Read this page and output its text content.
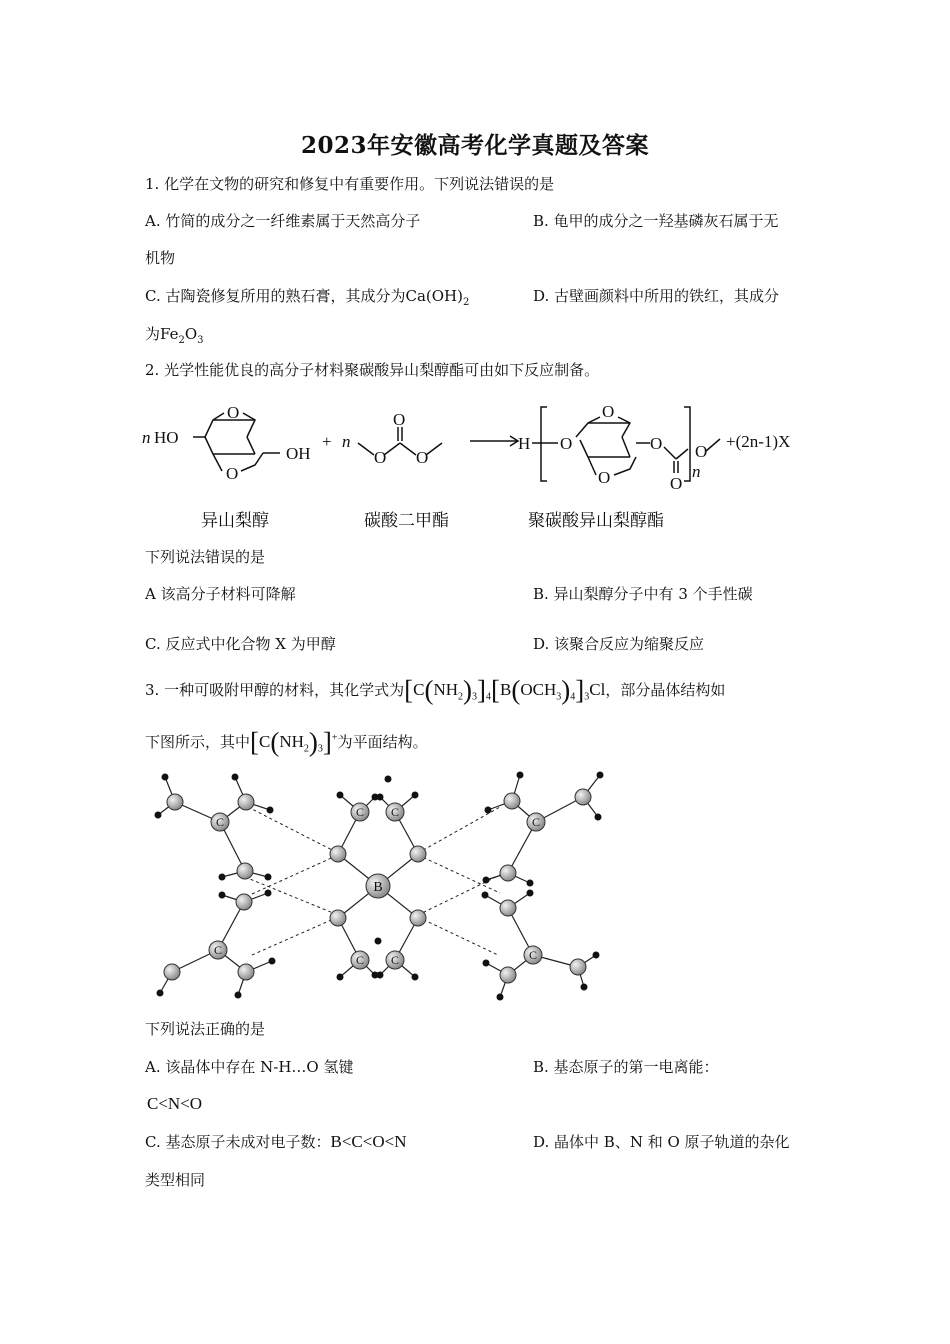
2023年安徽高考化学真题及答案
1. 化学在文物的研究和修复中有重要作用。下列说法错误的是
A. 竹简的成分之一纤维素属于天然高分子	B. 龟甲的成分之一羟基磷灰石属于无
机物
C. 古陶瓷修复所用的熟石膏，其成分为$Ca(OH)_2$	D. 古壁画颜料中所用的铁红，其成分
为$Fe_2O_3$
2. 光学性能优良的高分子材料聚碳酸异山梨醇酯可由如下反应制备。
n HO
O
O
OH
+ n
O
O
O
H O
O
O
O
O
n
O
+(2n-1)X
异山梨醇	碳酸二甲酯	聚碳酸异山梨醇酯
下列说法错误的是
A 该高分子材料可降解	B. 异山梨醇分子中有 3 个手性碳
C. 反应式中化合物 X 为甲醇	D. 该聚合反应为缩聚反应
3. 一种可吸附甲醇的材料，其化学式为$[C(NH_2)_3]_4[B(OCH_3)_4]_3Cl$，部分晶体结构如
下图所示，其中$[C(NH_2)_3]^+$为平面结构。
C C
C C
C
C
C
C
B
下列说法正确的是
A. 该晶体中存在 N-H…O 氢键	B. 基态原子的第一电离能：
C<N<O
C. 基态原子未成对电子数：B<C<O<N	D. 晶体中 B、N 和 O 原子轨道的杂化
类型相同
